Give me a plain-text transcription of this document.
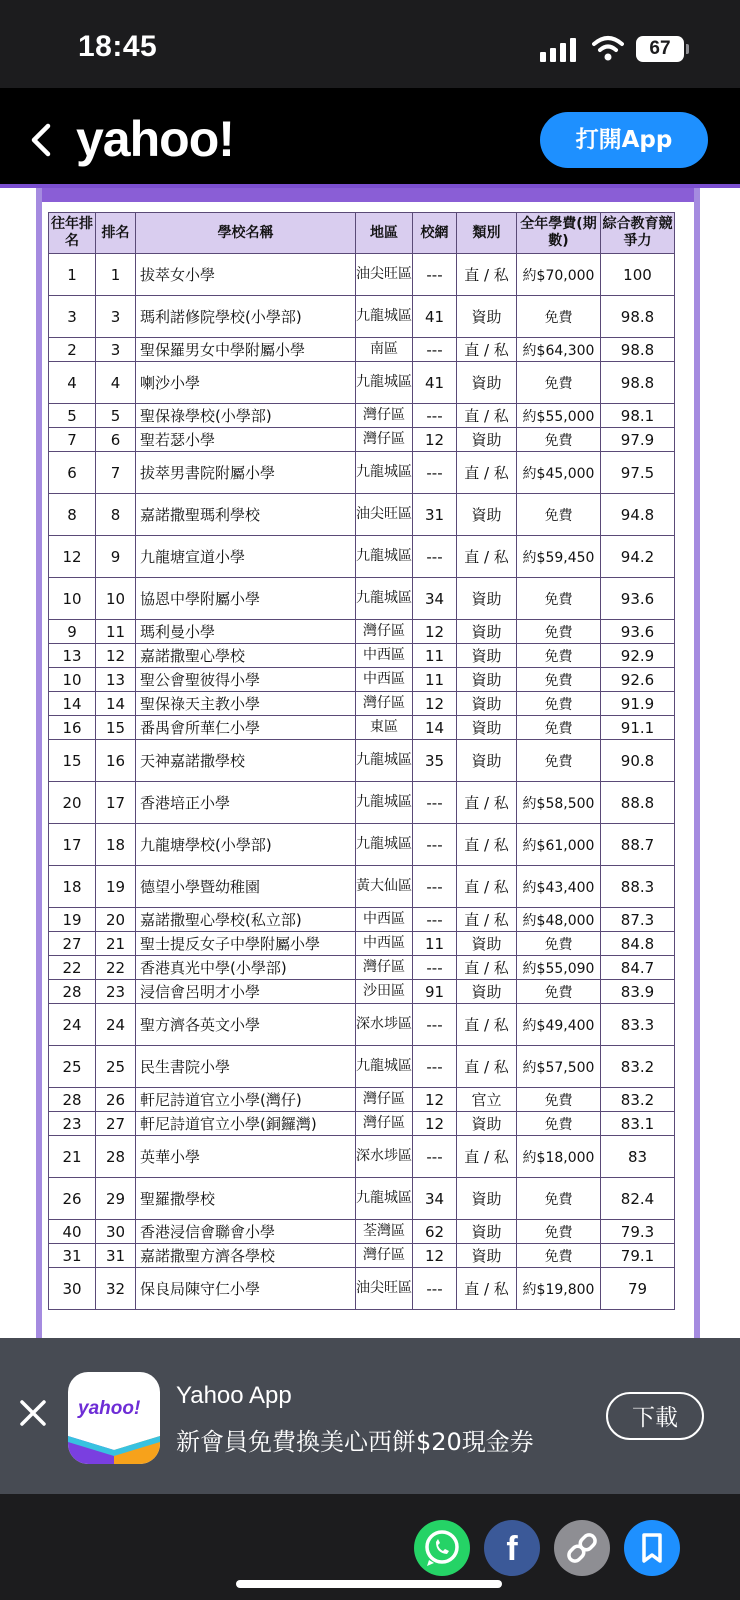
18:45	67
yahoo!	打開App
往年排名	排名	學校名稱	地區	校網	類別	全年學費(期數)	綜合教育競爭力
1	1	拔萃女小學	油尖旺區	---	直 / 私	約$70,000	100
3	3	瑪利諾修院學校(小學部)	九龍城區	41	資助	免費	98.8
2	3	聖保羅男女中學附屬小學	南區	---	直 / 私	約$64,300	98.8
4	4	喇沙小學	九龍城區	41	資助	免費	98.8
5	5	聖保祿學校(小學部)	灣仔區	---	直 / 私	約$55,000	98.1
7	6	聖若瑟小學	灣仔區	12	資助	免費	97.9
6	7	拔萃男書院附屬小學	九龍城區	---	直 / 私	約$45,000	97.5
8	8	嘉諾撒聖瑪利學校	油尖旺區	31	資助	免費	94.8
12	9	九龍塘宣道小學	九龍城區	---	直 / 私	約$59,450	94.2
10	10	協恩中學附屬小學	九龍城區	34	資助	免費	93.6
9	11	瑪利曼小學	灣仔區	12	資助	免費	93.6
13	12	嘉諾撒聖心學校	中西區	11	資助	免費	92.9
10	13	聖公會聖彼得小學	中西區	11	資助	免費	92.6
14	14	聖保祿天主教小學	灣仔區	12	資助	免費	91.9
16	15	番禺會所華仁小學	東區	14	資助	免費	91.1
15	16	天神嘉諾撒學校	九龍城區	35	資助	免費	90.8
20	17	香港培正小學	九龍城區	---	直 / 私	約$58,500	88.8
17	18	九龍塘學校(小學部)	九龍城區	---	直 / 私	約$61,000	88.7
18	19	德望小學暨幼稚園	黃大仙區	---	直 / 私	約$43,400	88.3
19	20	嘉諾撒聖心學校(私立部)	中西區	---	直 / 私	約$48,000	87.3
27	21	聖士提反女子中學附屬小學	中西區	11	資助	免費	84.8
22	22	香港真光中學(小學部)	灣仔區	---	直 / 私	約$55,090	84.7
28	23	浸信會呂明才小學	沙田區	91	資助	免費	83.9
24	24	聖方濟各英文小學	深水埗區	---	直 / 私	約$49,400	83.3
25	25	民生書院小學	九龍城區	---	直 / 私	約$57,500	83.2
28	26	軒尼詩道官立小學(灣仔)	灣仔區	12	官立	免費	83.2
23	27	軒尼詩道官立小學(銅鑼灣)	灣仔區	12	資助	免費	83.1
21	28	英華小學	深水埗區	---	直 / 私	約$18,000	83
26	29	聖羅撒學校	九龍城區	34	資助	免費	82.4
40	30	香港浸信會聯會小學	荃灣區	62	資助	免費	79.3
31	31	嘉諾撒聖方濟各學校	灣仔區	12	資助	免費	79.1
30	32	保良局陳守仁小學	油尖旺區	---	直 / 私	約$19,800	79
yahoo! Yahoo App
新會員免費換美心西餅$20現金券
下載
f
